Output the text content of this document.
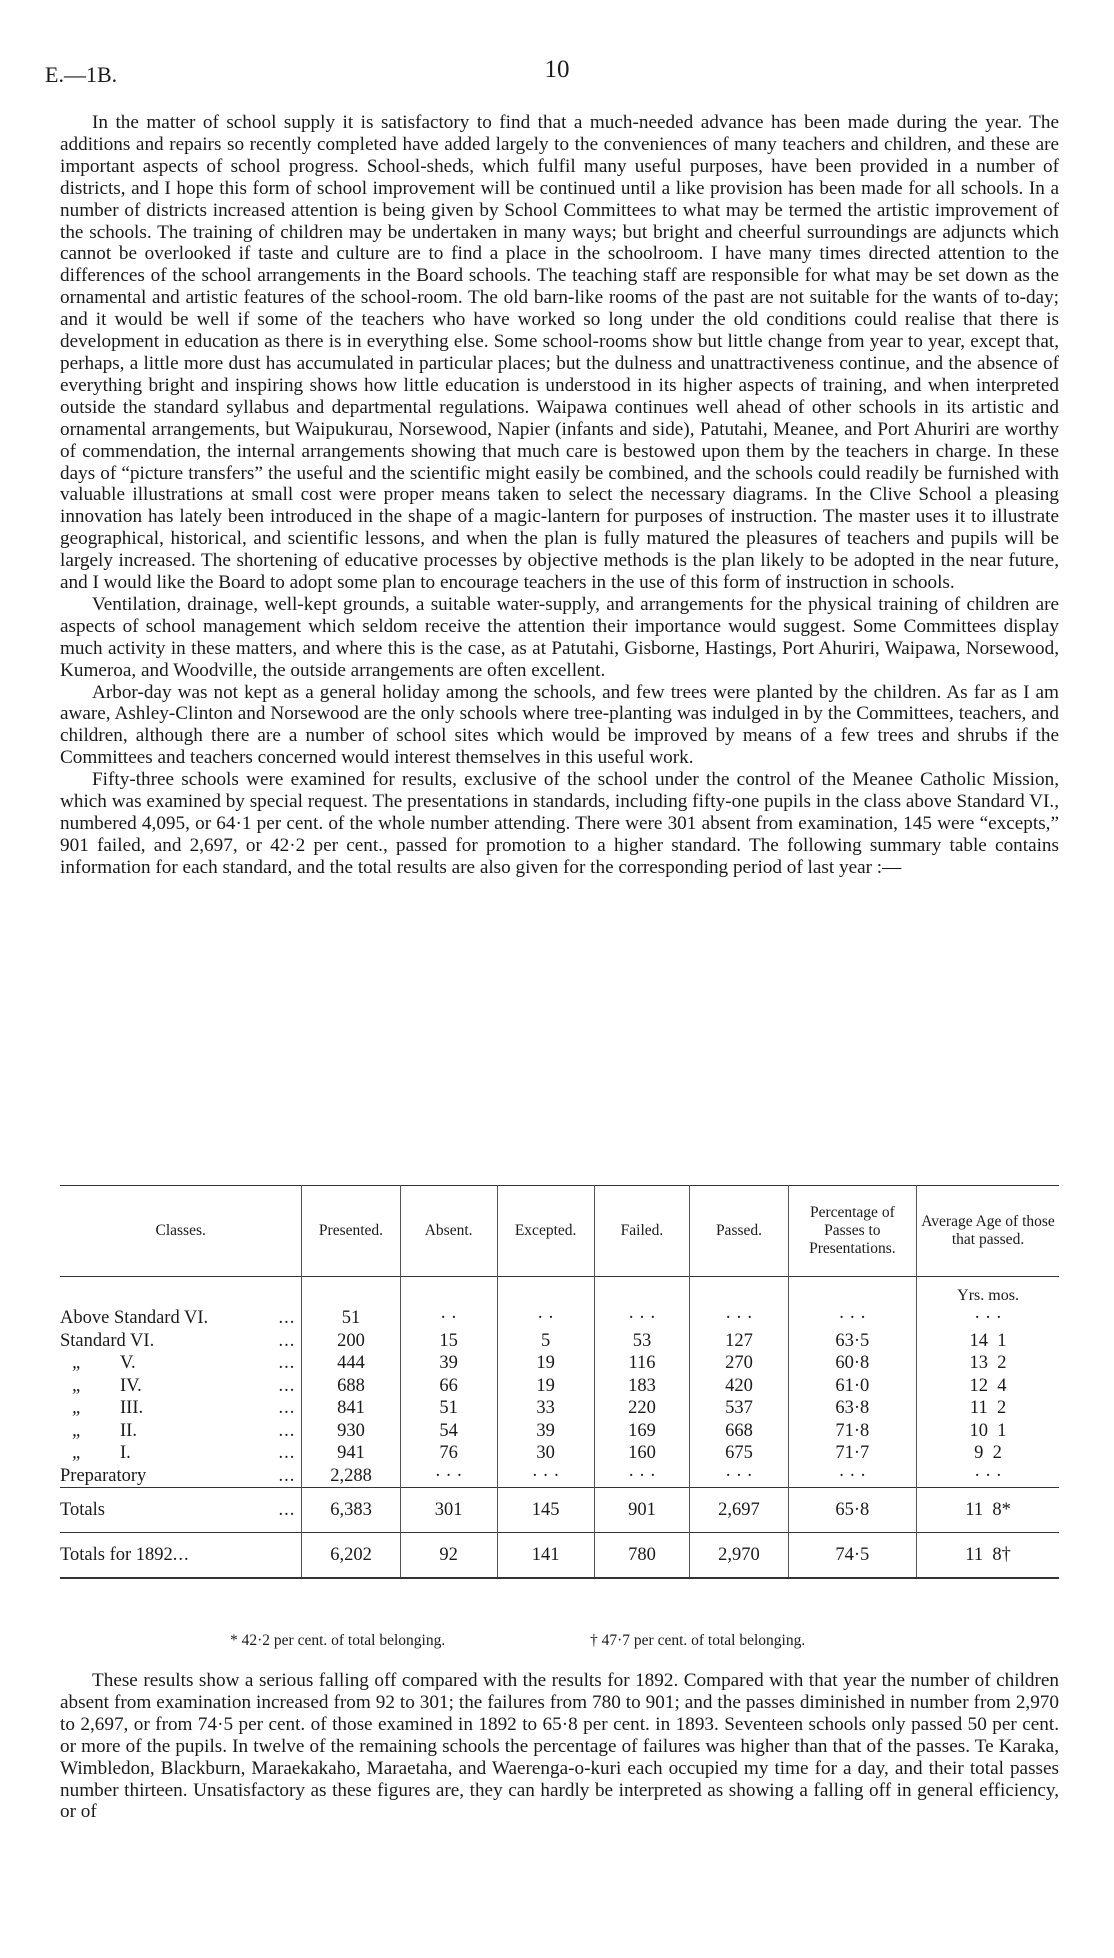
E.—1B.	10

In the matter of school supply it is satisfactory to find that a much-needed advance has been made during the year. The additions and repairs so recently completed have added largely to the conveniences of many teachers and children, and these are important aspects of school progress. School-sheds, which fulfil many useful purposes, have been provided in a number of districts, and I hope this form of school improvement will be continued until a like provision has been made for all schools. In a number of districts increased attention is being given by School Committees to what may be termed the artistic improvement of the schools. The training of children may be undertaken in many ways; but bright and cheerful surroundings are adjuncts which cannot be overlooked if taste and culture are to find a place in the schoolroom. I have many times directed attention to the differences of the school arrangements in the Board schools. The teaching staff are responsible for what may be set down as the ornamental and artistic features of the school-room. The old barn-like rooms of the past are not suitable for the wants of to-day; and it would be well if some of the teachers who have worked so long under the old conditions could realise that there is development in education as there is in everything else. Some school-rooms show but little change from year to year, except that, perhaps, a little more dust has accumulated in particular places; but the dulness and unattractiveness continue, and the absence of everything bright and inspiring shows how little education is understood in its higher aspects of training, and when interpreted outside the standard syllabus and departmental regulations. Waipawa continues well ahead of other schools in its artistic and ornamental arrangements, but Waipukurau, Norsewood, Napier (infants and side), Patutahi, Meanee, and Port Ahuriri are worthy of commendation, the internal arrangements showing that much care is bestowed upon them by the teachers in charge. In these days of “picture transfers” the useful and the scientific might easily be combined, and the schools could readily be furnished with valuable illustrations at small cost were proper means taken to select the necessary diagrams. In the Clive School a pleasing innovation has lately been introduced in the shape of a magic-lantern for purposes of instruction. The master uses it to illustrate geographical, historical, and scientific lessons, and when the plan is fully matured the pleasures of teachers and pupils will be largely increased. The shortening of educative processes by objective methods is the plan likely to be adopted in the near future, and I would like the Board to adopt some plan to encourage teachers in the use of this form of instruction in schools.

Ventilation, drainage, well-kept grounds, a suitable water-supply, and arrangements for the physical training of children are aspects of school management which seldom receive the attention their importance would suggest. Some Committees display much activity in these matters, and where this is the case, as at Patutahi, Gisborne, Hastings, Port Ahuriri, Waipawa, Norsewood, Kumeroa, and Woodville, the outside arrangements are often excellent.

Arbor-day was not kept as a general holiday among the schools, and few trees were planted by the children. As far as I am aware, Ashley-Clinton and Norsewood are the only schools where tree-planting was indulged in by the Committees, teachers, and children, although there are a number of school sites which would be improved by means of a few trees and shrubs if the Committees and teachers concerned would interest themselves in this useful work.

Fifty-three schools were examined for results, exclusive of the school under the control of the Meanee Catholic Mission, which was examined by special request. The presentations in standards, including fifty-one pupils in the class above Standard VI., numbered 4,095, or 64·1 per cent. of the whole number attending. There were 301 absent from examination, 145 were “excepts,” 901 failed, and 2,697, or 42·2 per cent., passed for promotion to a higher standard. The following summary table contains information for each standard, and the total results are also given for the corresponding period of last year :—

Classes.	Presented.	Absent.	Excepted.	Failed.	Passed.	Percentage of Passes to Presentations.	Average Age of those that passed.
							Yrs. mos.
Above Standard VI. ...	51	· ·	· ·	· · ·	· · ·	· · ·	· · ·
Standard VI. ...	200	15	5	53	127	63·5	14 1
„ V. ...	444	39	19	116	270	60·8	13 2
„ IV. ...	688	66	19	183	420	61·0	12 4
„ III. ...	841	51	33	220	537	63·8	11 2
„ II. ...	930	54	39	169	668	71·8	10 1
„ I. ...	941	76	30	160	675	71·7	9 2
Preparatory ...	2,288	· · ·	· · ·	· · ·	· · ·	· · ·	· · ·
Totals ...	6,383	301	145	901	2,697	65·8	11 8*
Totals for 1892...	6,202	92	141	780	2,970	74·5	11 8†
* 42·2 per cent. of total belonging.	† 47·7 per cent. of total belonging.

These results show a serious falling off compared with the results for 1892. Compared with that year the number of children absent from examination increased from 92 to 301; the failures from 780 to 901; and the passes diminished in number from 2,970 to 2,697, or from 74·5 per cent. of those examined in 1892 to 65·8 per cent. in 1893. Seventeen schools only passed 50 per cent. or more of the pupils. In twelve of the remaining schools the percentage of failures was higher than that of the passes. Te Karaka, Wimbledon, Blackburn, Maraekakaho, Maraetaha, and Waerenga-o-kuri each occupied my time for a day, and their total passes number thirteen. Unsatisfactory as these figures are, they can hardly be interpreted as showing a falling off in general efficiency, or of
